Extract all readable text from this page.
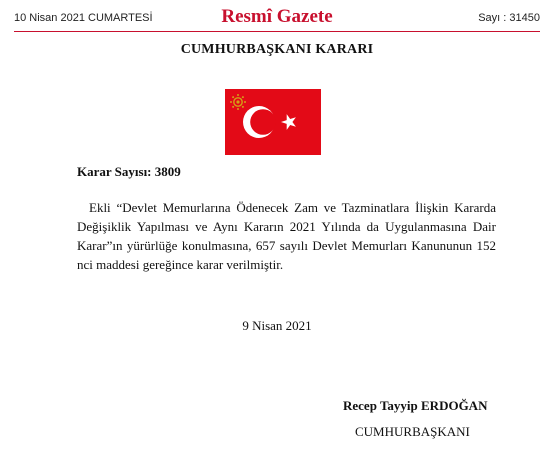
10 Nisan 2021 CUMARTESİ	Resmî Gazete	Sayı : 31450
CUMHURBAŞKANI KARARI
Karar Sayısı: 3809

Ekli “Devlet Memurlarına Ödenecek Zam ve Tazminatlara İlişkin Kararda Değişiklik Yapılması ve Aynı Kararın 2021 Yılında da Uygulanmasına Dair Karar”ın yürürlüğe konulmasına, 657 sayılı Devlet Memurları Kanununun 152 nci maddesi gereğince karar verilmiştir.

9 Nisan 2021
Recep Tayyip ERDOĞAN
CUMHURBAŞKANI
